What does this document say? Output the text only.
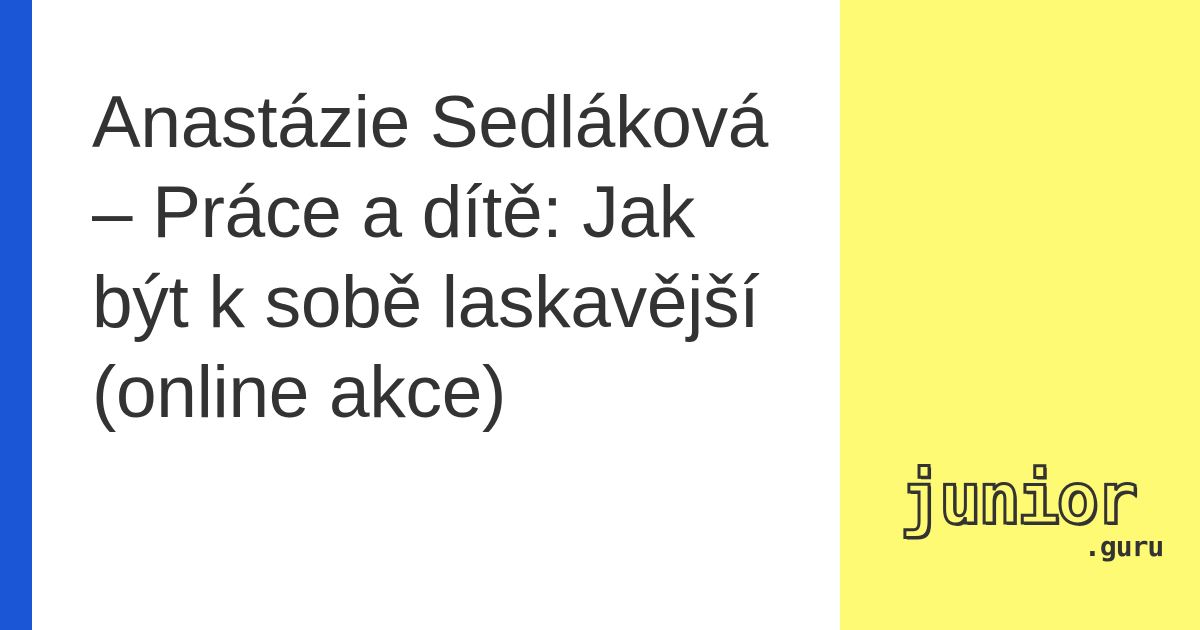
Anastázie Sedláková – Práce a dítě: Jak být k sobě laskavější (online akce)
junior
.guru
